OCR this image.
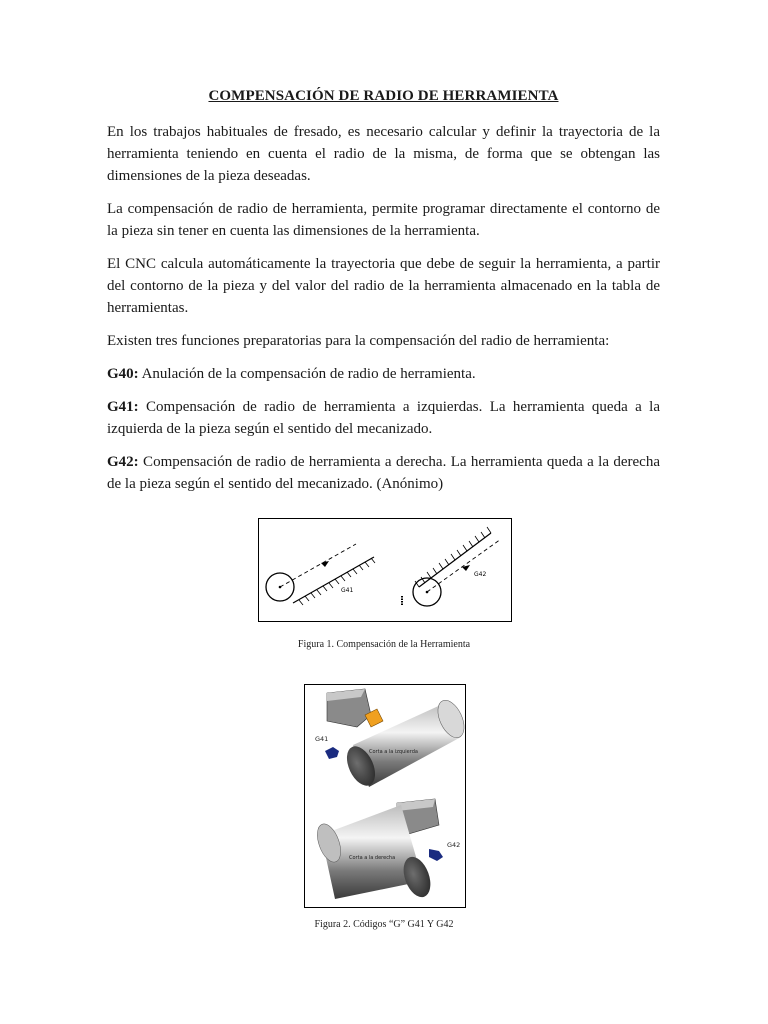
COMPENSACIÓN DE RADIO DE HERRAMIENTA

En los trabajos habituales de fresado, es necesario calcular y definir la trayectoria de la herramienta teniendo en cuenta el radio de la misma, de forma que se obtengan las dimensiones de la pieza deseadas.

La compensación de radio de herramienta, permite programar directamente el contorno de la pieza sin tener en cuenta las dimensiones de la herramienta.

El CNC calcula automáticamente la trayectoria que debe de seguir la herramienta, a partir del contorno de la pieza y del valor del radio de la herramienta almacenado en la tabla de herramientas.

Existen tres funciones preparatorias para la compensación del radio de herramienta:

G40: Anulación de la compensación de radio de herramienta.

G41: Compensación de radio de herramienta a izquierdas. La herramienta queda a la izquierda de la pieza según el sentido del mecanizado.

G42: Compensación de radio de herramienta a derecha. La herramienta queda a la derecha de la pieza según el sentido del mecanizado. (Anónimo)

G41
G42
Figura 1. Compensación de la Herramienta
G41
Corta a la izquierda
Corta a la derecha
G42
Figura 2. Códigos “G” G41 Y G42
